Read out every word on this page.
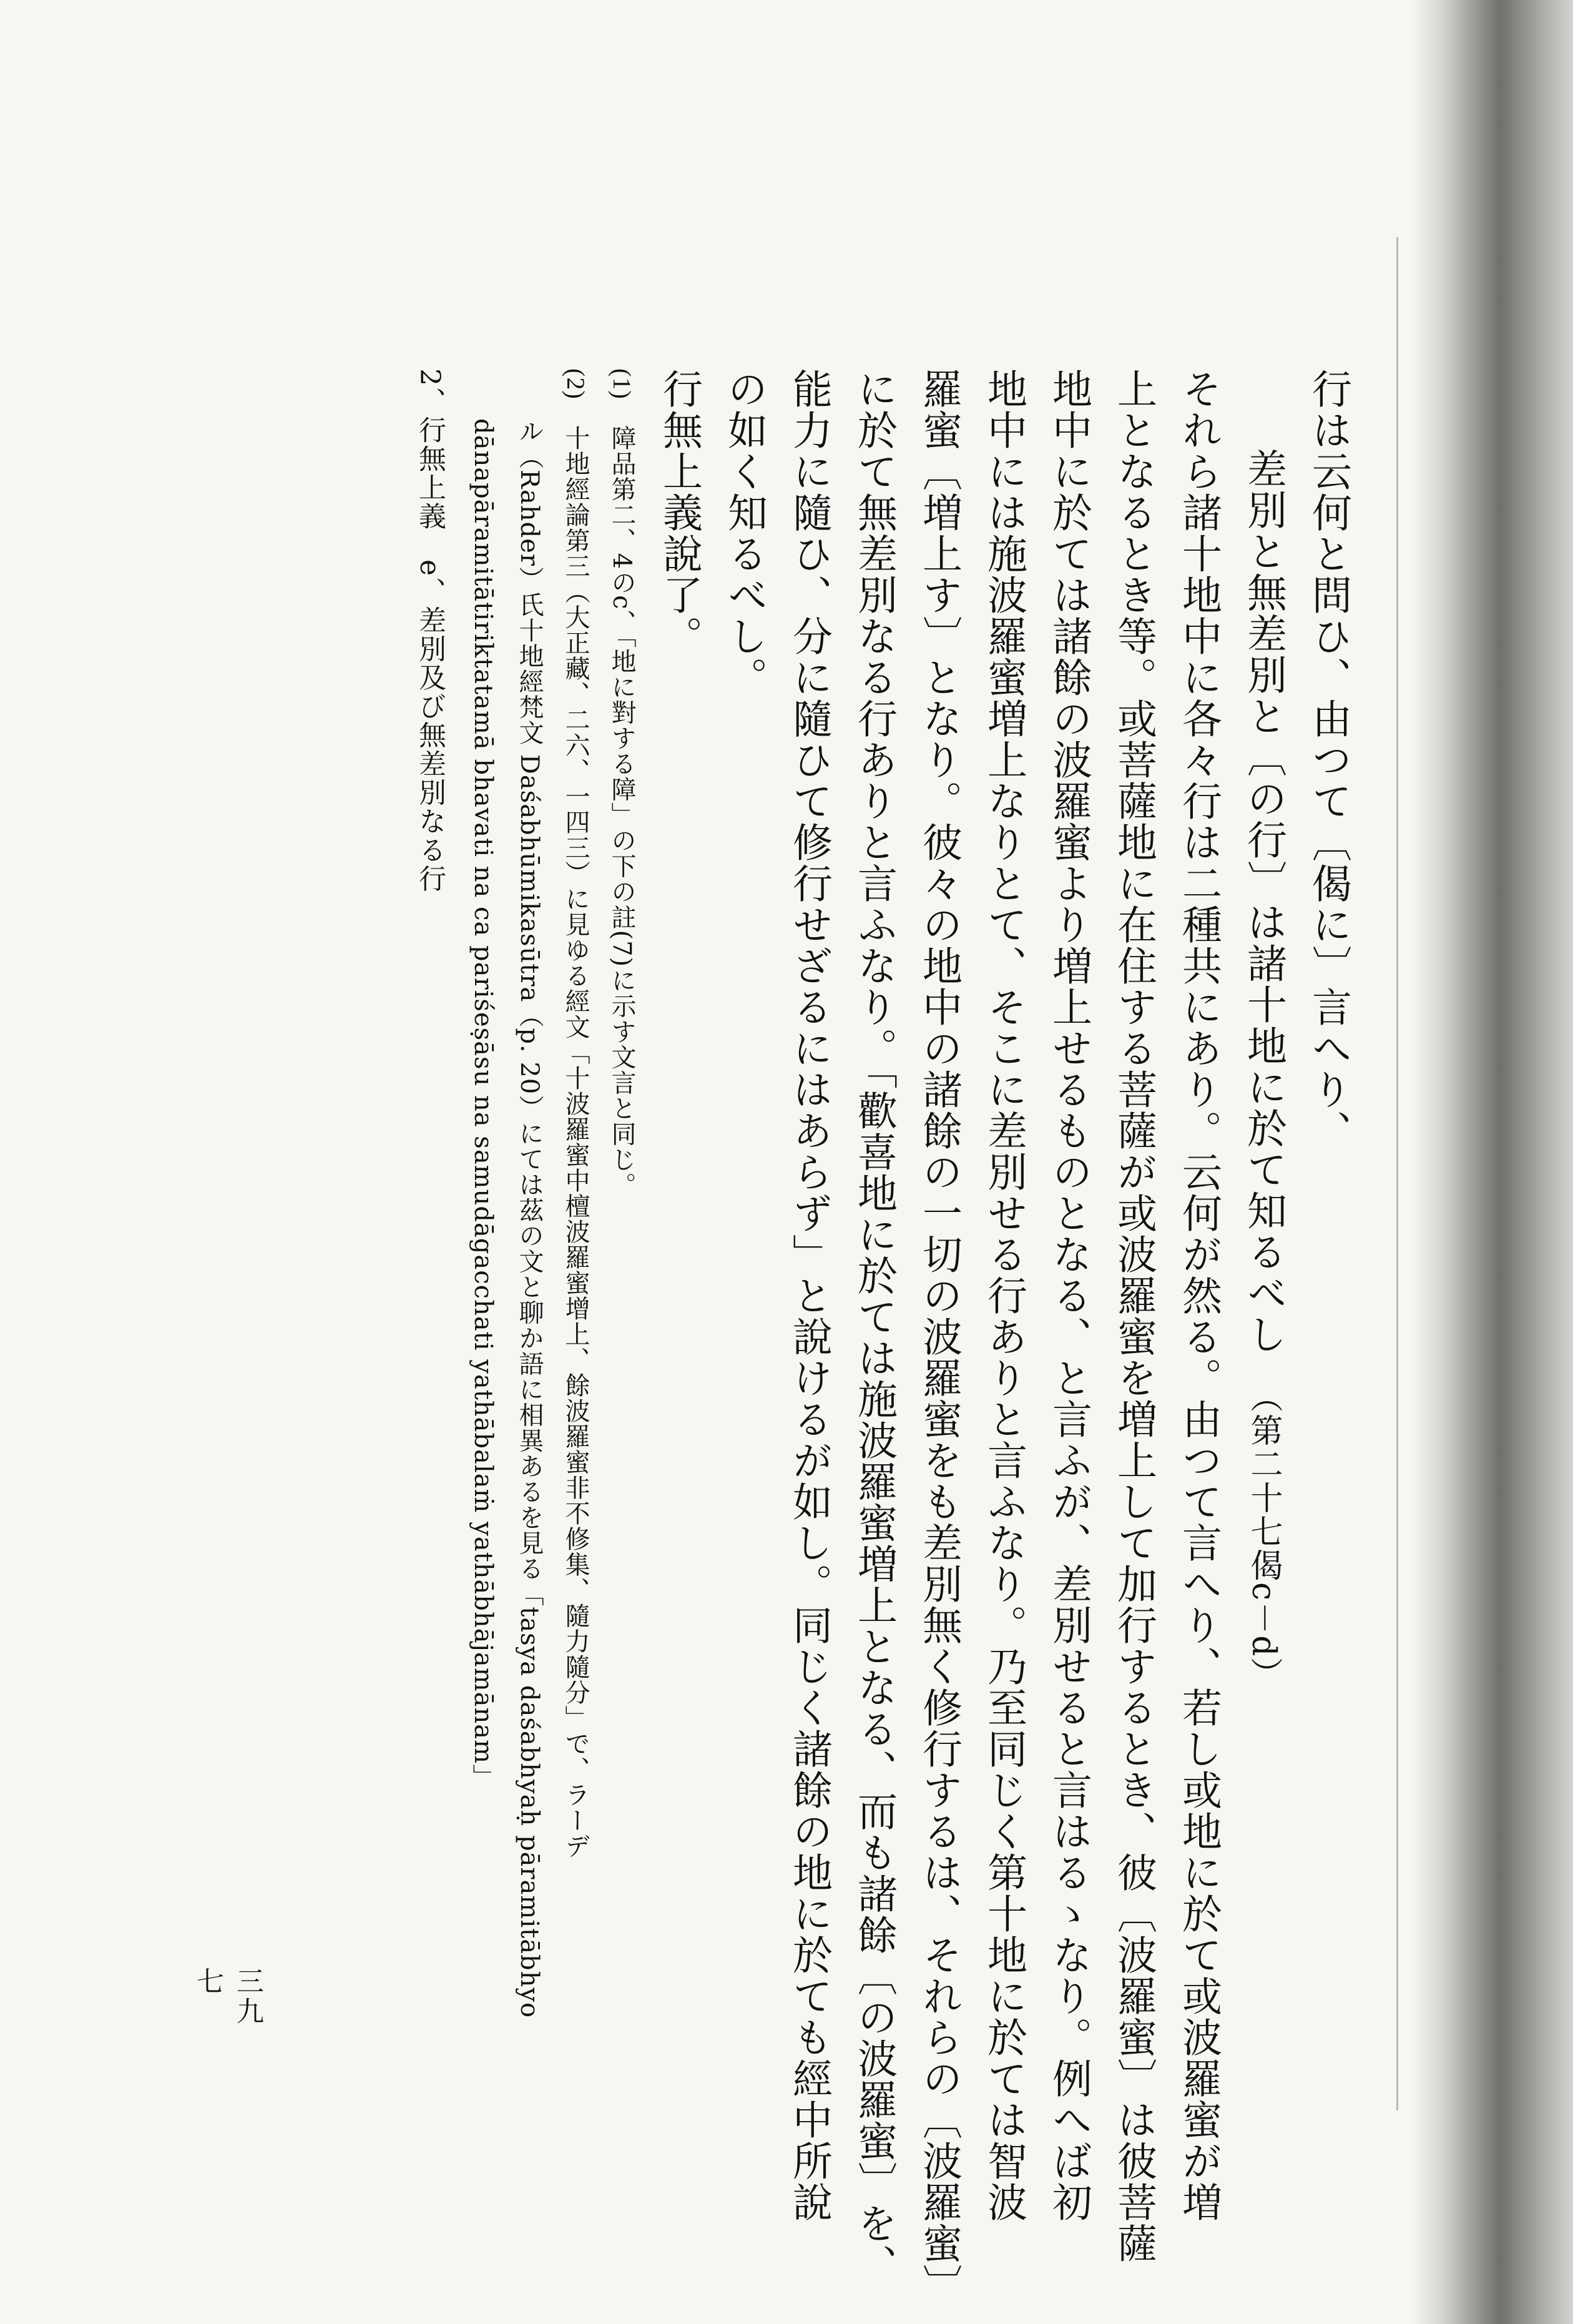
行は云何と問ひ、由つて〔偈に〕言へり、
差別と無差別と〔の行〕は諸十地に於て知るべし（第二十七偈c－d）
それら諸十地中に各々行は二種共にあり。云何が然る。由つて言へり、若し或地に於て或波羅蜜が増
上となるとき等。或菩薩地に在住する菩薩が或波羅蜜を増上して加行するとき、彼〔波羅蜜〕は彼菩薩
地中に於ては諸餘の波羅蜜より増上せるものとなる、と言ふが、差別せると言はるゝなり。例へば初
地中には施波羅蜜増上なりとて、そこに差別せる行ありと言ふなり。乃至同じく第十地に於ては智波
羅蜜〔増上す〕となり。彼々の地中の諸餘の一切の波羅蜜をも差別無く修行するは、それらの〔波羅蜜〕
に於て無差別なる行ありと言ふなり。「歡喜地に於ては施波羅蜜増上となる、而も諸餘〔の波羅蜜〕を、
能力に隨ひ、分に隨ひて修行せざるにはあらず」と說けるが如し。同じく諸餘の地に於ても經中所說
の如く知るべし。
行無上義說了。
(1)　障品第二、4のc、「地に對する障」の下の註(7)に示す文言と同じ。
(2)　十地經論第三（大正藏、二六、一四三）に見ゆる經文「十波羅蜜中檀波羅蜜增上、餘波羅蜜非不修集、隨力隨分」で、ラーデ
ル（Rahder）氏十地經梵文 Daśabhūmikasūtra（p. 20）にては茲の文と聊か語に相異あるを見る「tasya daśabhyaḥ pāramitābhyo
dānapāramitātiriktatamā bhavati na ca pariśeṣāsu na samudāgacchati yathābalaṁ yathābhājamānam」
2、行無上義　e、差別及び無差別なる行
三九七
